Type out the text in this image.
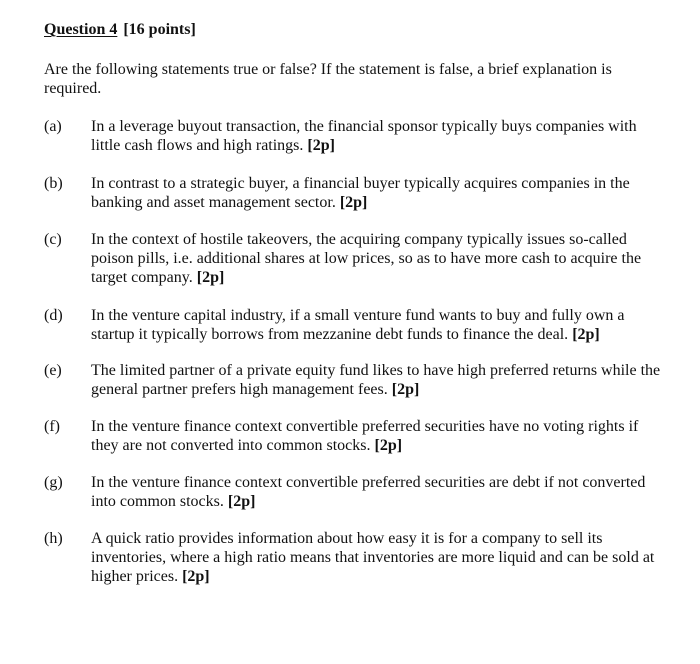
Question 4 [16 points]
Are the following statements true or false? If the statement is false, a brief explanation is required.
(a)	In a leverage buyout transaction, the financial sponsor typically buys companies with little cash flows and high ratings. [2p]
(b)	In contrast to a strategic buyer, a financial buyer typically acquires companies in the banking and asset management sector. [2p]
(c)	In the context of hostile takeovers, the acquiring company typically issues so-called poison pills, i.e. additional shares at low prices, so as to have more cash to acquire the target company. [2p]
(d)	In the venture capital industry, if a small venture fund wants to buy and fully own a startup it typically borrows from mezzanine debt funds to finance the deal. [2p]
(e)	The limited partner of a private equity fund likes to have high preferred returns while the general partner prefers high management fees. [2p]
(f)	In the venture finance context convertible preferred securities have no voting rights if they are not converted into common stocks. [2p]
(g)	In the venture finance context convertible preferred securities are debt if not converted into common stocks. [2p]
(h)	A quick ratio provides information about how easy it is for a company to sell its inventories, where a high ratio means that inventories are more liquid and can be sold at higher prices. [2p]
